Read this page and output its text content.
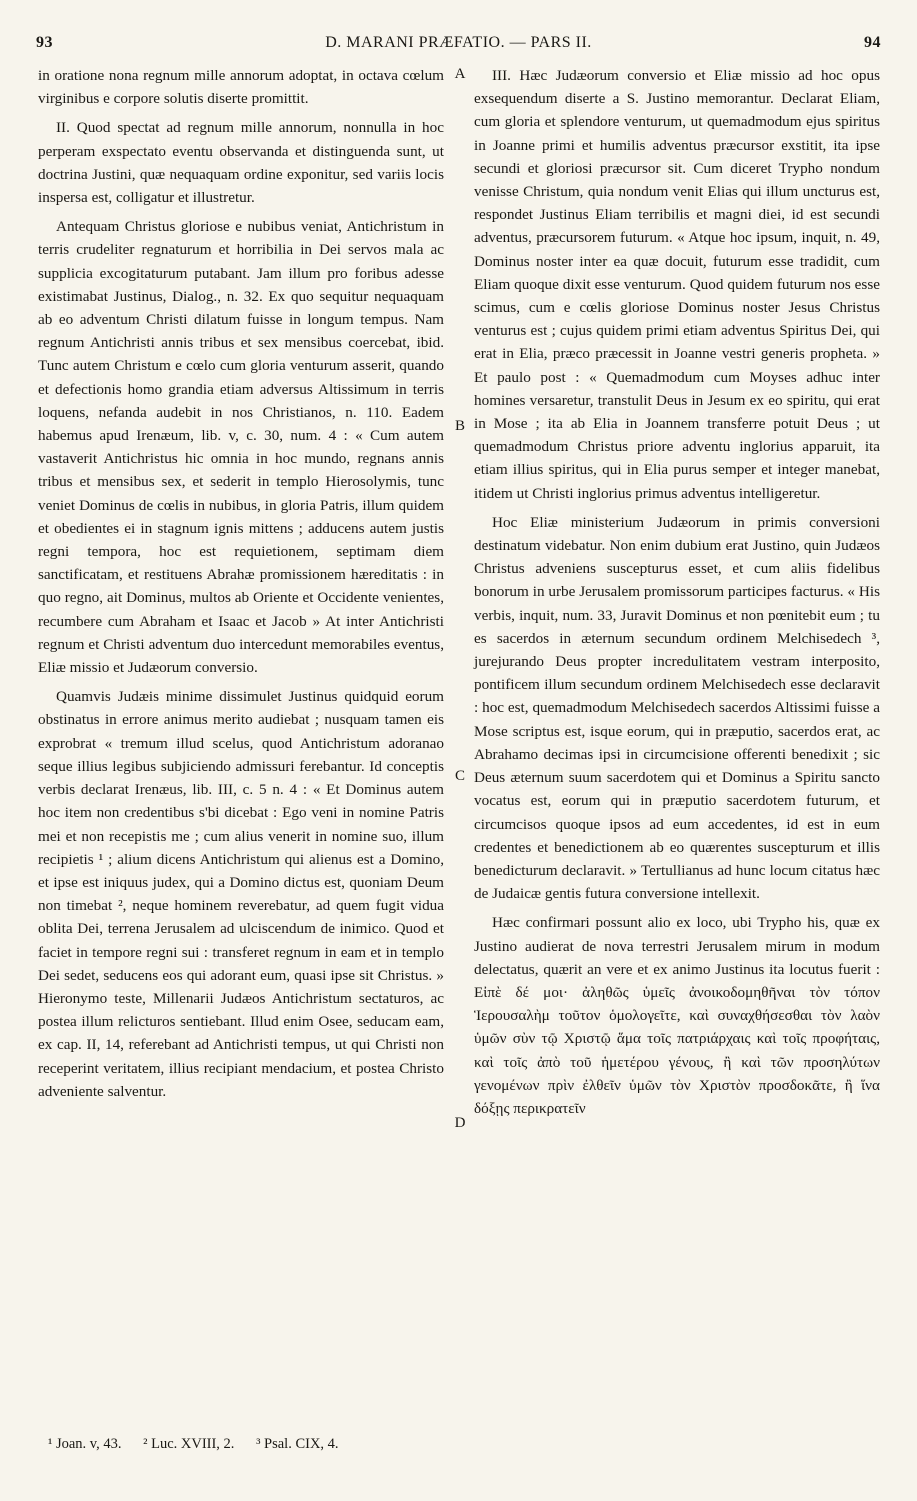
93	D. MARANI PRÆFATIO. — PARS II.	94

in oratione nona regnum mille annorum adoptat, in octava cœlum virginibus e corpore solutis diserte promittit.

II. Quod spectat ad regnum mille annorum, nonnulla in hoc perperam exspectato eventu observanda et distinguenda sunt, ut doctrina Justini, quæ nequaquam ordine exponitur, sed variis locis inspersa est, colligatur et illustretur.

Antequam Christus gloriose e nubibus veniat, Antichristum in terris crudeliter regnaturum et horribilia in Dei servos mala ac supplicia excogitaturum putabant. Jam illum pro foribus adesse existimabat Justinus, Dialog., n. 32. Ex quo sequitur nequaquam ab eo adventum Christi dilatum fuisse in longum tempus. Nam regnum Antichristi annis tribus et sex mensibus coercebat, ibid. Tunc autem Christum e cœlo cum gloria venturum asserit, quando et defectionis homo grandia etiam adversus Altissimum in terris loquens, nefanda audebit in nos Christianos, n. 110. Eadem habemus apud Irenæum, lib. v, c. 30, num. 4 : « Cum autem vastaverit Antichristus hic omnia in hoc mundo, regnans annis tribus et mensibus sex, et sederit in templo Hierosolymis, tunc veniet Dominus de cœlis in nubibus, in gloria Patris, illum quidem et obedientes ei in stagnum ignis mittens ; adducens autem justis regni tempora, hoc est requietionem, septimam diem sanctificatam, et restituens Abrahæ promissionem hæreditatis : in quo regno, ait Dominus, multos ab Oriente et Occidente venientes, recumbere cum Abraham et Isaac et Jacob » At inter Antichristi regnum et Christi adventum duo intercedunt memorabiles eventus, Eliæ missio et Judæorum conversio.

Quamvis Judæis minime dissimulet Justinus quidquid eorum obstinatus in errore animus merito audiebat ; nusquam tamen eis exprobrat « tremum illud scelus, quod Antichristum adoranao seque illius legibus subjiciendo admissuri ferebantur. Id conceptis verbis declarat Irenæus, lib. III, c. 5 n. 4 : « Et Dominus autem hoc item non credentibus s'bi dicebat : Ego veni in nomine Patris mei et non recepistis me ; cum alius venerit in nomine suo, illum recipietis ¹ ; alium dicens Antichristum qui alienus est a Domino, et ipse est iniquus judex, qui a Domino dictus est, quoniam Deum non timebat ², neque hominem reverebatur, ad quem fugit vidua oblita Dei, terrena Jerusalem ad ulciscendum de inimico. Quod et faciet in tempore regni sui : transferet regnum in eam et in templo Dei sedet, seducens eos qui adorant eum, quasi ipse sit Christus. » Hieronymo teste, Millenarii Judæos Antichristum sectaturos, ac postea illum relicturos sentiebant. Illud enim Osee, seducam eam, ex cap. II, 14, referebant ad Antichristi tempus, ut qui Christi non receperint veritatem, illius recipiant mendacium, et postea Christo adveniente salventur.

A
B
C
D

III. Hæc Judæorum conversio et Eliæ missio ad hoc opus exsequendum diserte a S. Justino memorantur. Declarat Eliam, cum gloria et splendore venturum, ut quemadmodum ejus spiritus in Joanne primi et humilis adventus præcursor exstitit, ita ipse secundi et gloriosi præcursor sit. Cum diceret Trypho nondum venisse Christum, quia nondum venit Elias qui illum uncturus est, respondet Justinus Eliam terribilis et magni diei, id est secundi adventus, præcursorem futurum. « Atque hoc ipsum, inquit, n. 49, Dominus noster inter ea quæ docuit, futurum esse tradidit, cum Eliam quoque dixit esse venturum. Quod quidem futurum nos esse scimus, cum e cœlis gloriose Dominus noster Jesus Christus venturus est ; cujus quidem primi etiam adventus Spiritus Dei, qui erat in Elia, præco præcessit in Joanne vestri generis propheta. » Et paulo post : « Quemadmodum cum Moyses adhuc inter homines versaretur, transtulit Deus in Jesum ex eo spiritu, qui erat in Mose ; ita ab Elia in Joannem transferre potuit Deus ; ut quemadmodum Christus priore adventu inglorius apparuit, ita etiam illius spiritus, qui in Elia purus semper et integer manebat, itidem ut Christi inglorius primus adventus intelligeretur.

Hoc Eliæ ministerium Judæorum in primis conversioni destinatum videbatur. Non enim dubium erat Justino, quin Judæos Christus adveniens suscepturus esset, et cum aliis fidelibus bonorum in urbe Jerusalem promissorum participes facturus. « His verbis, inquit, num. 33, Juravit Dominus et non pœnitebit eum ; tu es sacerdos in æternum secundum ordinem Melchisedech ³, jurejurando Deus propter incredulitatem vestram interposito, pontificem illum secundum ordinem Melchisedech esse declaravit : hoc est, quemadmodum Melchisedech sacerdos Altissimi fuisse a Mose scriptus est, isque eorum, qui in præputio, sacerdos erat, ac Abrahamo decimas ipsi in circumcisione offerenti benedixit ; sic Deus æternum suum sacerdotem qui et Dominus a Spiritu sancto vocatus est, eorum qui in præputio sacerdotem futurum, et circumcisos quoque ipsos ad eum accedentes, id est in eum credentes et benedictionem ab eo quærentes suscepturum et illis benedicturum declaravit. » Tertullianus ad hunc locum citatus hæc de Judaicæ gentis futura conversione intellexit.

Hæc confirmari possunt alio ex loco, ubi Trypho his, quæ ex Justino audierat de nova terrestri Jerusalem mirum in modum delectatus, quærit an vere et ex animo Justinus ita locutus fuerit : Εἰπὲ δέ μοι· ἀληθῶς ὑμεῖς ἀνοικοδομηθῆναι τὸν τόπον Ἱερουσαλὴμ τοῦτον ὁμολογεῖτε, καὶ συναχθήσεσθαι τὸν λαὸν ὑμῶν σὺν τῷ Χριστῷ ἅμα τοῖς πατριάρχαις καὶ τοῖς προφήταις, καὶ τοῖς ἀπὸ τοῦ ἡμετέρου γένους, ἢ καὶ τῶν προσηλύτων γενομένων πρὶν ἐλθεῖν ὑμῶν τὸν Χριστὸν προσδοκᾶτε, ἢ ἵνα δόξῃς περικρατεῖν

¹ Joan. v, 43. ² Luc. XVIII, 2. ³ Psal. CIX, 4.
